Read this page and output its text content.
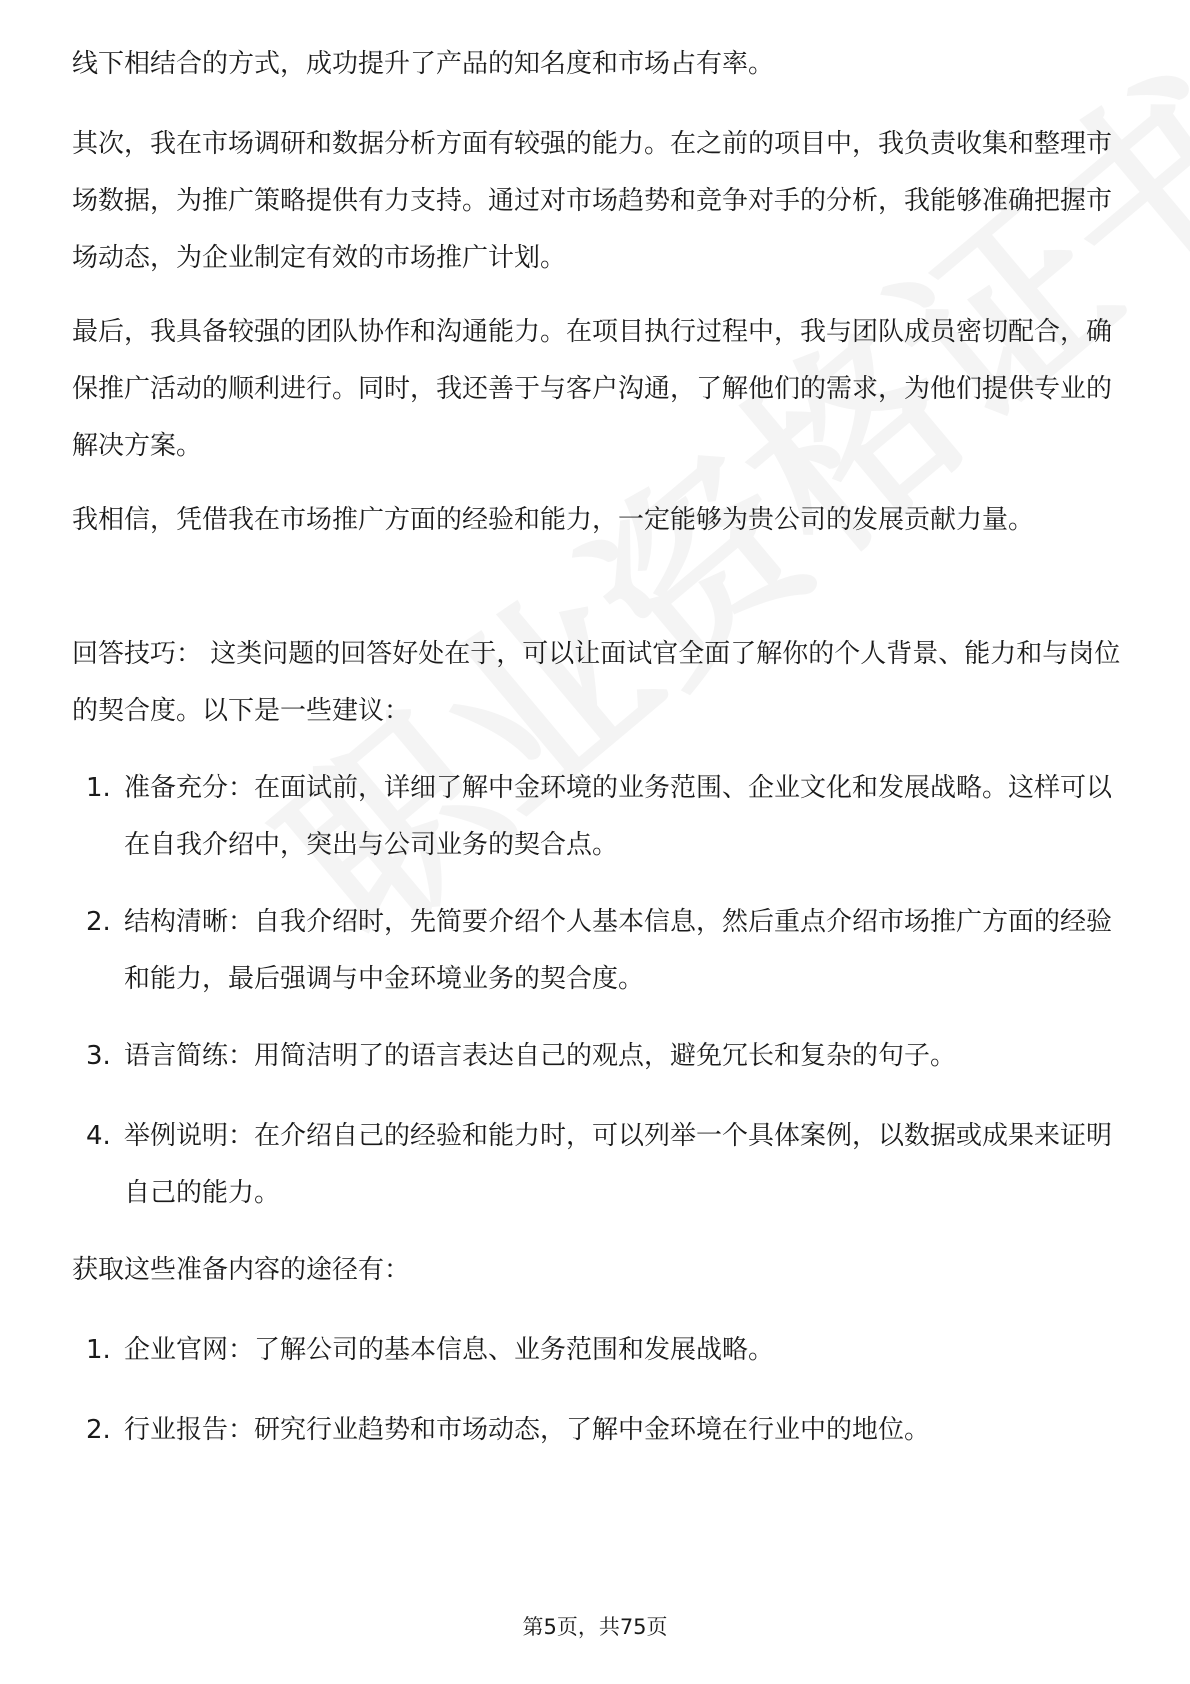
线下相结合的方式，成功提升了产品的知名度和市场占有率。

其次，我在市场调研和数据分析方面有较强的能力。在之前的项目中，我负责收集和整理市场数据，为推广策略提供有力支持。通过对市场趋势和竞争对手的分析，我能够准确把握市场动态，为企业制定有效的市场推广计划。

最后，我具备较强的团队协作和沟通能力。在项目执行过程中，我与团队成员密切配合，确保推广活动的顺利进行。同时，我还善于与客户沟通，了解他们的需求，为他们提供专业的解决方案。

我相信，凭借我在市场推广方面的经验和能力，一定能够为贵公司的发展贡献力量。

回答技巧： 这类问题的回答好处在于，可以让面试官全面了解你的个人背景、能力和与岗位的契合度。以下是一些建议：

1. 准备充分：在面试前，详细了解中金环境的业务范围、企业文化和发展战略。这样可以在自我介绍中，突出与公司业务的契合点。
2. 结构清晰：自我介绍时，先简要介绍个人基本信息，然后重点介绍市场推广方面的经验和能力，最后强调与中金环境业务的契合度。
3. 语言简练：用简洁明了的语言表达自己的观点，避免冗长和复杂的句子。
4. 举例说明：在介绍自己的经验和能力时，可以列举一个具体案例，以数据或成果来证明自己的能力。

获取这些准备内容的途径有：

1. 企业官网：了解公司的基本信息、业务范围和发展战略。
2. 行业报告：研究行业趋势和市场动态，了解中金环境在行业中的地位。
第5页，共75页
